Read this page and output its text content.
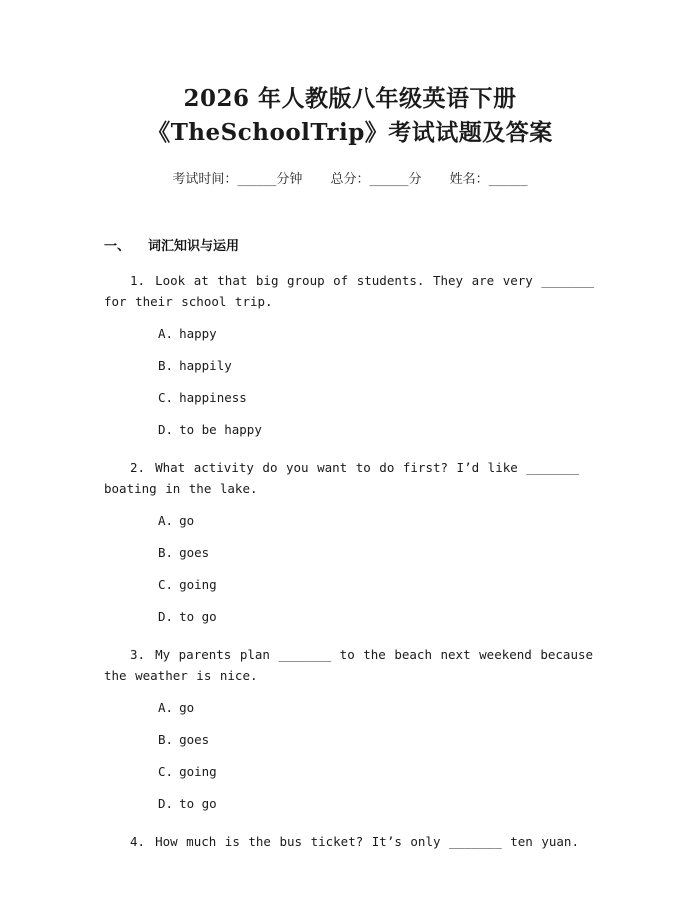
2026 年人教版八年级英语下册
《TheSchoolTrip》考试试题及答案
考试时间：______分钟 总分：______分 姓名：______
一、 词汇知识与运用
1. Look at that big group of students. They are very _______ for their school trip.
A. happy
B. happily
C. happiness
D. to be happy
2. What activity do you want to do first? I’d like _______ boating in the lake.
A. go
B. goes
C. going
D. to go
3. My parents plan _______ to the beach next weekend because the weather is nice.
A. go
B. goes
C. going
D. to go
4. How much is the bus ticket? It’s only _______ ten yuan.
